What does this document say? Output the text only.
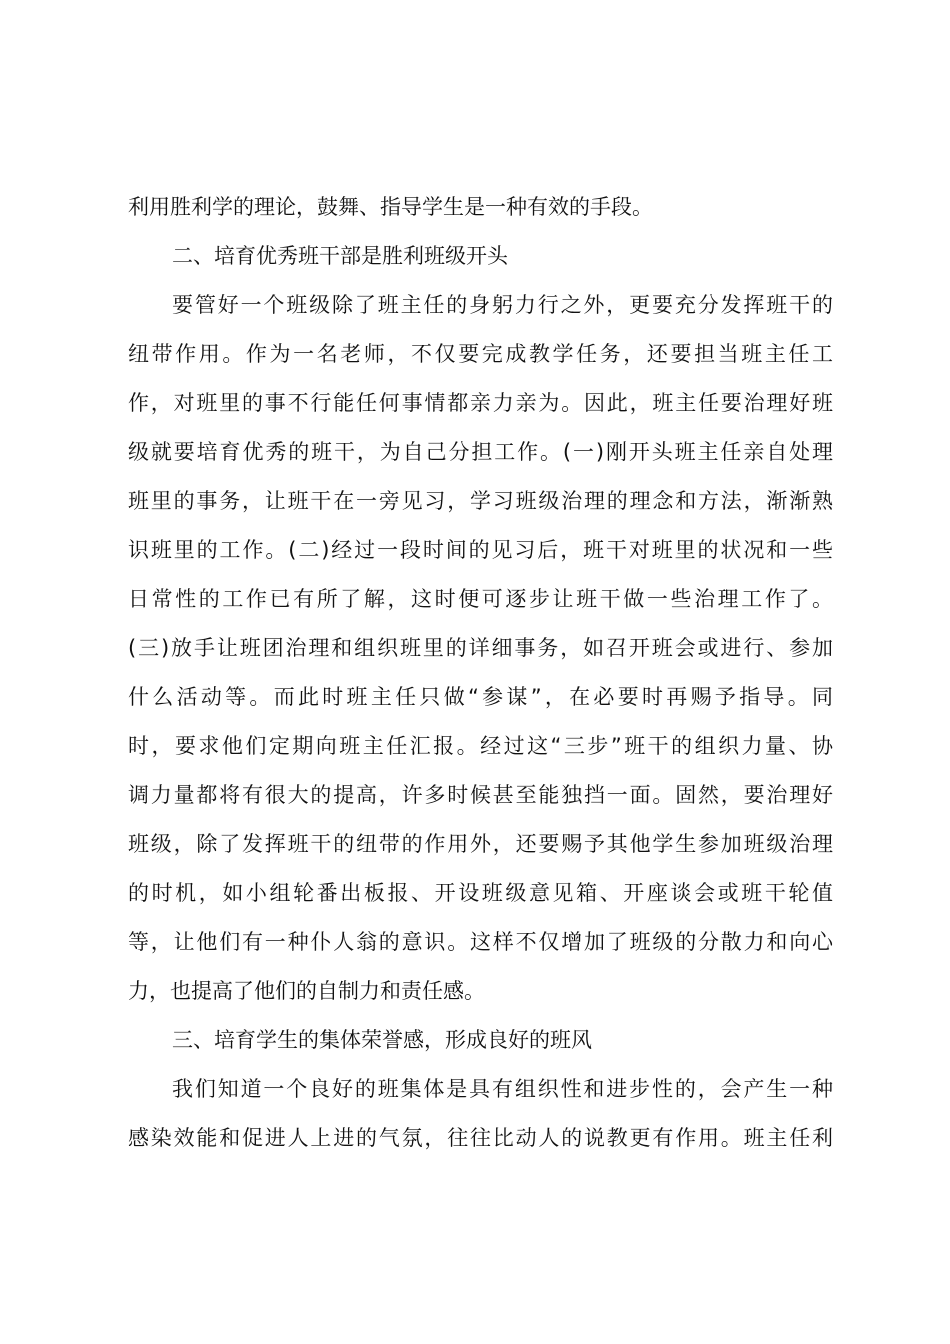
利用胜利学的理论，鼓舞、指导学生是一种有效的手段。
二、培育优秀班干部是胜利班级开头
要管好一个班级除了班主任的身躬力行之外，更要充分发挥班干的
纽带作用。作为一名老师，不仅要完成教学任务，还要担当班主任工
作，对班里的事不行能任何事情都亲力亲为。因此，班主任要治理好班
级就要培育优秀的班干，为自己分担工作。(一)刚开头班主任亲自处理
班里的事务，让班干在一旁见习，学习班级治理的理念和方法，渐渐熟
识班里的工作。(二)经过一段时间的见习后，班干对班里的状况和一些
日常性的工作已有所了解，这时便可逐步让班干做一些治理工作了。
(三)放手让班团治理和组织班里的详细事务，如召开班会或进行、参加
什么活动等。而此时班主任只做“参谋”，在必要时再赐予指导。同
时，要求他们定期向班主任汇报。经过这“三步”班干的组织力量、协
调力量都将有很大的提高，许多时候甚至能独挡一面。固然，要治理好
班级，除了发挥班干的纽带的作用外，还要赐予其他学生参加班级治理
的时机，如小组轮番出板报、开设班级意见箱、开座谈会或班干轮值
等，让他们有一种仆人翁的意识。这样不仅增加了班级的分散力和向心
力，也提高了他们的自制力和责任感。
三、培育学生的集体荣誉感，形成良好的班风
我们知道一个良好的班集体是具有组织性和进步性的，会产生一种
感染效能和促进人上进的气氛，往往比动人的说教更有作用。班主任利
